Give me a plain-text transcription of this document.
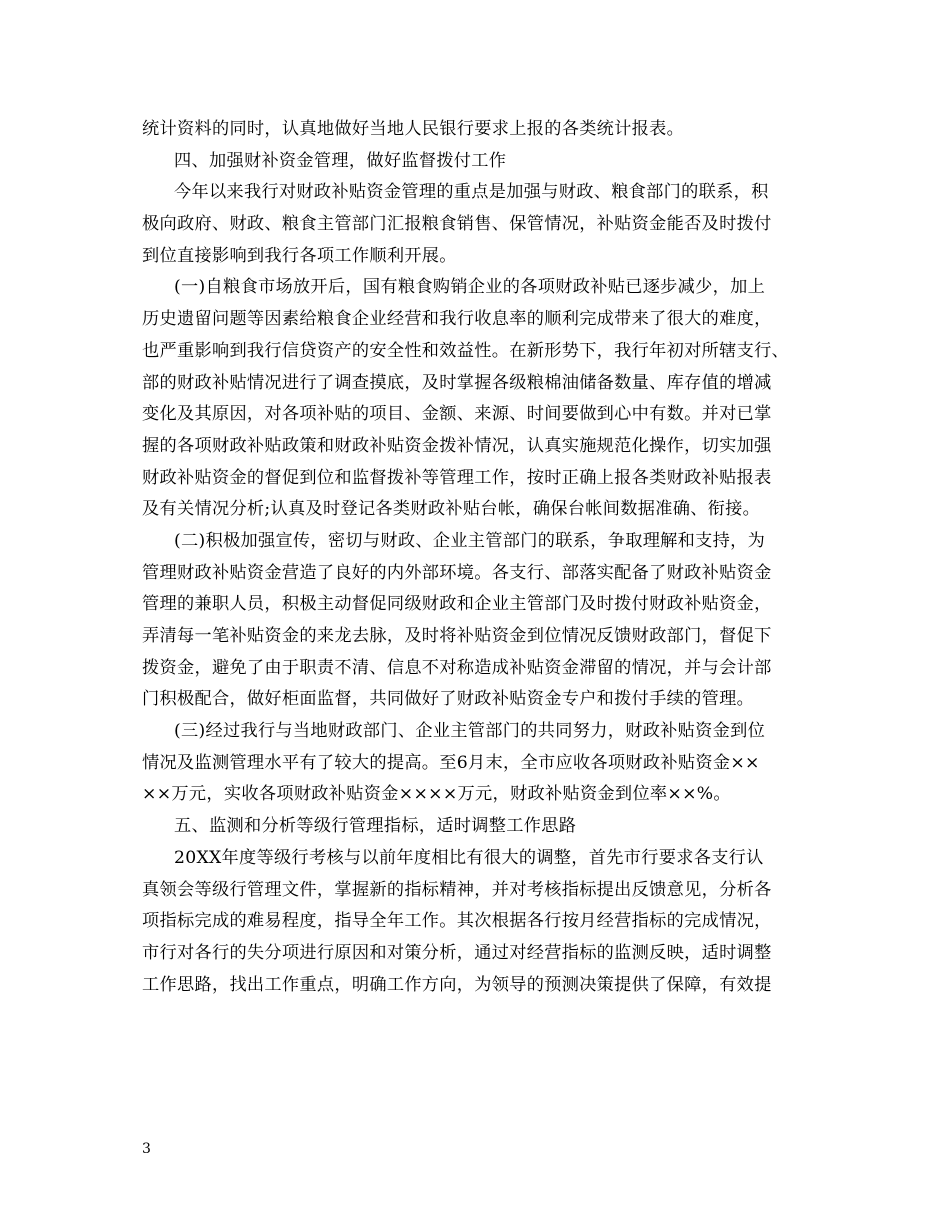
统计资料的同时，认真地做好当地人民银行要求上报的各类统计报表。
四、加强财补资金管理，做好监督拨付工作
今年以来我行对财政补贴资金管理的重点是加强与财政、粮食部门的联系，积
极向政府、财政、粮食主管部门汇报粮食销售、保管情况，补贴资金能否及时拨付
到位直接影响到我行各项工作顺利开展。
(一)自粮食市场放开后，国有粮食购销企业的各项财政补贴已逐步减少，加上
历史遗留问题等因素给粮食企业经营和我行收息率的顺利完成带来了很大的难度，
也严重影响到我行信贷资产的安全性和效益性。在新形势下，我行年初对所辖支行、
部的财政补贴情况进行了调查摸底，及时掌握各级粮棉油储备数量、库存值的增减
变化及其原因，对各项补贴的项目、金额、来源、时间要做到心中有数。并对已掌
握的各项财政补贴政策和财政补贴资金拨补情况，认真实施规范化操作，切实加强
财政补贴资金的督促到位和监督拨补等管理工作，按时正确上报各类财政补贴报表
及有关情况分析;认真及时登记各类财政补贴台帐，确保台帐间数据准确、衔接。
(二)积极加强宣传，密切与财政、企业主管部门的联系，争取理解和支持，为
管理财政补贴资金营造了良好的内外部环境。各支行、部落实配备了财政补贴资金
管理的兼职人员，积极主动督促同级财政和企业主管部门及时拨付财政补贴资金，
弄清每一笔补贴资金的来龙去脉，及时将补贴资金到位情况反馈财政部门，督促下
拨资金，避免了由于职责不清、信息不对称造成补贴资金滞留的情况，并与会计部
门积极配合，做好柜面监督，共同做好了财政补贴资金专户和拨付手续的管理。
(三)经过我行与当地财政部门、企业主管部门的共同努力，财政补贴资金到位
情况及监测管理水平有了较大的提高。至6月末，全市应收各项财政补贴资金××
××万元，实收各项财政补贴资金××××万元，财政补贴资金到位率××%。
五、监测和分析等级行管理指标，适时调整工作思路
20XX年度等级行考核与以前年度相比有很大的调整，首先市行要求各支行认
真领会等级行管理文件，掌握新的指标精神，并对考核指标提出反馈意见，分析各
项指标完成的难易程度，指导全年工作。其次根据各行按月经营指标的完成情况，
市行对各行的失分项进行原因和对策分析，通过对经营指标的监测反映，适时调整
工作思路，找出工作重点，明确工作方向，为领导的预测决策提供了保障，有效提
3
